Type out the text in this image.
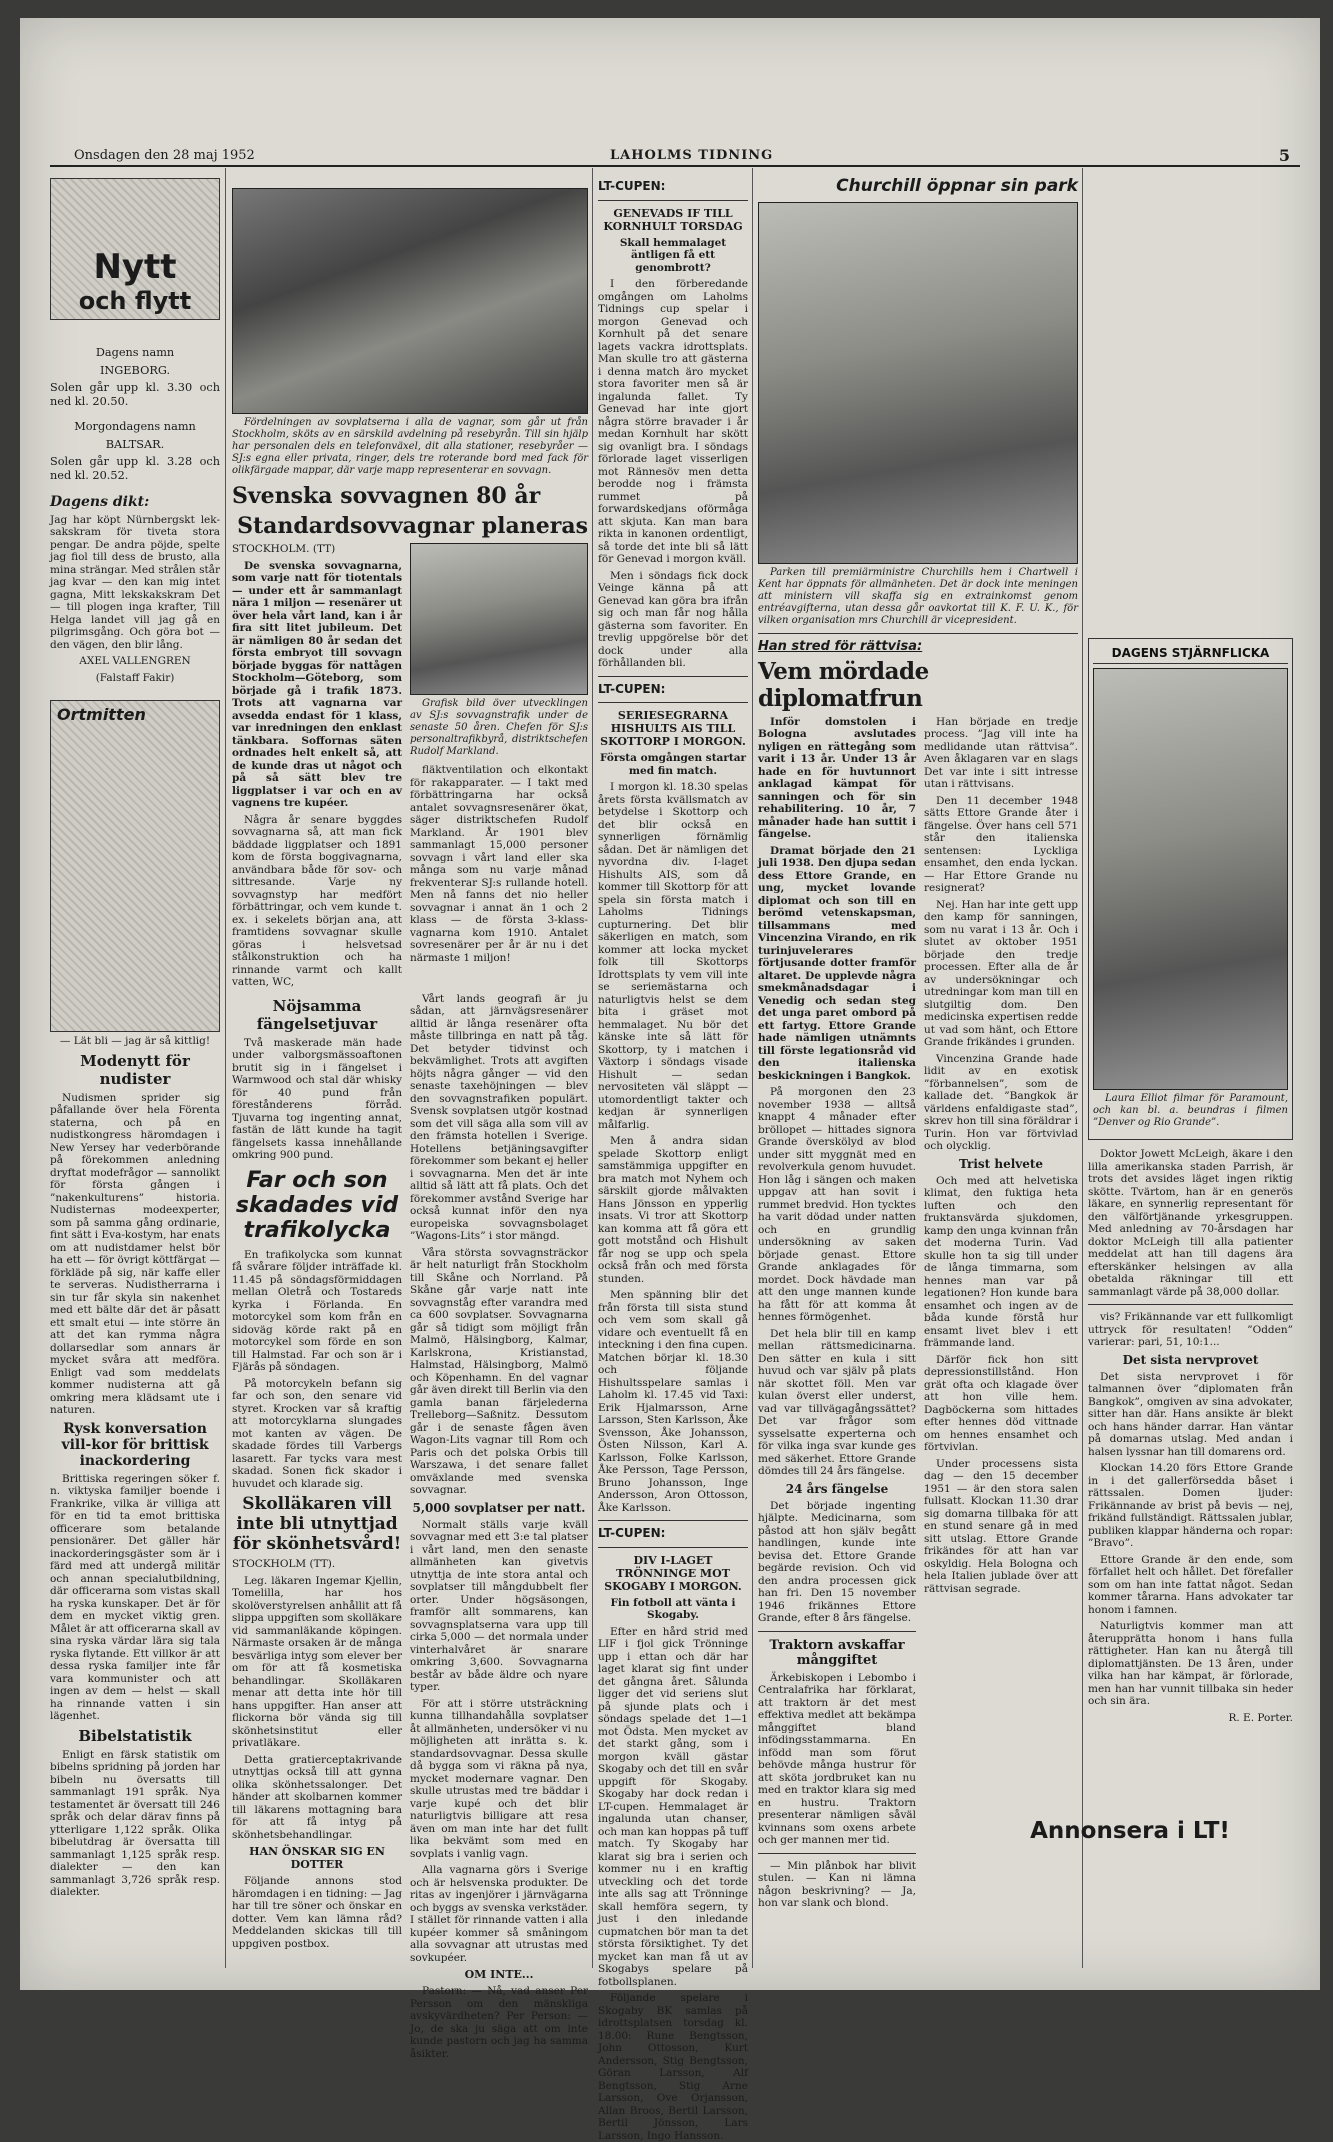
Onsdagen den 28 maj 1952	LAHOLMS TIDNING	5
Nytt
och flytt

Dagens namn

INGEBORG.

Solen går upp kl. 3.30 och ned kl. 20.50.

Morgondagens namn

BALTSAR.

Solen går upp kl. 3.28 och ned kl. 20.52.

Dagens dikt:

Jag har köpt Nürnbergskt lek-sakskram för tiveta stora pengar. De andra pöjde, spelte jag fiol till dess de brusto, alla mina strängar. Med strålen står jag kvar — den kan mig intet gagna, Mitt lekskakskram Det — till plogen inga krafter, Till Helga landet vill jag gå en pilgrimsgång. Och göra bot — den vägen, den blir lång.

AXEL VALLENGREN

(Falstaff Fakir)

Ortmitten

— Lät bli — jag är så kittlig!

Modenytt för nudister

Nudismen sprider sig påfallande över hela Förenta staterna, och på en nudistkongress häromdagen i New Yersey har vederbörande på förekommen anledning dryftat modefrågor — sannolikt för första gången i ”nakenkulturens” historia. Nudisternas modeexperter, som på samma gång ordinarie, fint sätt i Eva-kostym, har enats om att nudistdamer helst bör ha ett — för övrigt köttfärgat — förkläde på sig, när kaffe eller te serveras. Nudistherrarna i sin tur får skyla sin nakenhet med ett bälte där det är påsatt ett smalt etui — inte större än att det kan rymma några dollarsedlar som annars är mycket svåra att medföra. Enligt vad som meddelats kommer nudisterna att gå omkring mera klädsamt ute i naturen.

Rysk konversation vill-kor för brittisk inackordering

Brittiska regeringen söker f. n. viktyska familjer boende i Frankrike, vilka är villiga att för en tid ta emot brittiska officerare som betalande pensionärer. Det gäller här inackorderingsgäster som är i färd med att undergå militär och annan specialutbildning, där officerarna som vistas skall ha ryska kunskaper. Det är för dem en mycket viktig gren. Målet är att officerarna skall av sina ryska värdar lära sig tala ryska flytande. Ett villkor är att dessa ryska familjer inte får vara kommunister och att ingen av dem — helst — skall ha rinnande vatten i sin lägenhet.

Bibelstatistik

Enligt en färsk statistik om bibelns spridning på jorden har bibeln nu översatts till sammanlagt 191 språk. Nya testamentet är översatt till 246 språk och delar därav finns på ytterligare 1,122 språk. Olika bibelutdrag är översatta till sammanlagt 1,125 språk resp. dialekter — den kan sammanlagt 3,726 språk resp. dialekter.

Fördelningen av sovplatserna i alla de vagnar, som går ut från Stockholm, sköts av en särskild avdelning på resebyrån. Till sin hjälp har personalen dels en telefonväxel, dit alla stationer, resebyråer — SJ:s egna eller privata, ringer, dels tre roterande bord med fack för olikfärgade mappar, där varje mapp representerar en sovvagn.

Svenska sovvagnen 80 år
Standardsovvagnar planeras

STOCKHOLM. (TT)

De svenska sovvagnarna, som varje natt för tiotentals — under ett år sammanlagt nära 1 miljon — resenärer ut över hela vårt land, kan i år fira sitt litet jubileum. Det är nämligen 80 år sedan det första embryot till sovvagn började byggas för nattågen Stockholm—Göteborg, som började gå i trafik 1873. Trots att vagnarna var avsedda endast för 1 klass, var inredningen den enklast tänkbara. Soffornas säten ordnades helt enkelt så, att de kunde dras ut något och på så sätt blev tre liggplatser i var och en av vagnens tre kupéer.

Några år senare byggdes sovvagnarna så, att man fick bäddade liggplatser och 1891 kom de första boggivagnarna, användbara både för sov- och sittresande. Varje ny sovvagnstyp har medfört förbättringar, och vem kunde t. ex. i sekelets början ana, att framtidens sovvagnar skulle göras i helsvetsad stålkonstruktion och ha rinnande varmt och kallt vatten, WC,

Grafisk bild över utvecklingen av SJ:s sovvagnstrafik under de senaste 50 åren. Chefen för SJ:s personaltrafikbyrå, distriktschefen Rudolf Markland.

fläktventilation och elkontakt för rakapparater. — I takt med förbättringarna har också antalet sovvagnsresenärer ökat, säger distriktschefen Rudolf Markland. År 1901 blev sammanlagt 15,000 personer sovvagn i vårt land eller ska många som nu varje månad frekventerar SJ:s rullande hotell. Men nå fanns det nio heller sovvagnar i annat än 1 och 2 klass — de första 3-klass-vagnarna kom 1910. Antalet sovresenärer per år är nu i det närmaste 1 miljon!

Nöjsamma fängelsetjuvar

Två maskerade män hade under valborgsmässoaftonen brutit sig in i fängelset i Warmwood och stal där whisky för 40 pund från förestånderens förråd. Tjuvarna tog ingenting annat, fastän de lätt kunde ha tagit fängelsets kassa innehållande omkring 900 pund.

Far och son
skadades vid
trafikolycka

En trafikolycka som kunnat få svårare följder inträffade kl. 11.45 på söndagsförmiddagen mellan Oletrå och Tostareds kyrka i Förlanda. En motorcykel som kom från en sidoväg körde rakt på en motorcykel som förde en son till Halmstad. Far och son är i Fjärås på söndagen.

På motorcykeln befann sig far och son, den senare vid styret. Krocken var så kraftig att motorcyklarna slungades mot kanten av vägen. De skadade fördes till Varbergs lasarett. Far tycks vara mest skadad. Sonen fick skador i huvudet och klarade sig.

Skolläkaren vill inte bli utnyttjad för skönhetsvård!

STOCKHOLM (TT).

Leg. läkaren Ingemar Kjellin, Tomelilla, har hos skolöverstyrelsen anhållit att få slippa uppgiften som skolläkare vid sammanläkande köpingen. Närmaste orsaken är de många besvärliga intyg som elever ber om för att få kosmetiska behandlingar. Skolläkaren menar att detta inte hör till hans uppgifter. Han anser att flickorna bör vända sig till skönhetsinstitut eller privatläkare.

Detta gratierceptakrivande utnyttjas också till att gynna olika skönhetssalonger. Det händer att skolbarnen kommer till läkarens mottagning bara för att få intyg på skönhetsbehandlingar.

HAN ÖNSKAR SIG EN DOTTER

Följande annons stod häromdagen i en tidning: — Jag har till tre söner och önskar en dotter. Vem kan lämna råd? Meddelanden skickas till till uppgiven postbox.

Vårt lands geografi är ju sådan, att järnvägsresenärer alltid är långa resenärer ofta måste tillbringa en natt på tåg. Det betyder tidvinst och bekvämlighet. Trots att avgiften höjts några gånger — vid den senaste taxehöjningen — blev den sovvagnstrafiken populärt. Svensk sovplatsen utgör kostnad som det vill säga alla som vill av den främsta hotellen i Sverige. Hotellens betjäningsavgifter förekommer som bekant ej heller i sovvagnarna. Men det är inte alltid så lätt att få plats. Och det förekommer avstånd Sverige har också kunnat inför den nya europeiska sovvagnsbolaget ”Wagons-Lits” i stor mängd.

Våra största sovvagnsträckor är helt naturligt från Stockholm till Skåne och Norrland. På Skåne går varje natt inte sovvagnståg efter varandra med ca 600 sovplatser. Sovvagnarna går så tidigt som möjligt från Malmö, Hälsingborg, Kalmar, Karlskrona, Kristianstad, Halmstad, Hälsingborg, Malmö och Köpenhamn. En del vagnar går även direkt till Berlin via den gamla banan färjelederna Trelleborg—Saßnitz. Dessutom går i de senaste fågen även Wagon-Lits vagnar till Rom och Paris och det polska Orbis till Warszawa, i det senare fallet omväxlande med svenska sovvagnar.

5,000 sovplatser per natt.

Normalt ställs varje kväll sovvagnar med ett 3:e tal platser i vårt land, men den senaste allmänheten kan givetvis utnyttja de inte stora antal och sovplatser till mångdubbelt fler orter. Under högsäsongen, framför allt sommarens, kan sovvagnsplatserna vara upp till cirka 5,000 — det normala under vinterhalvåret är snarare omkring 3,600. Sovvagnarna består av både äldre och nyare typer.

För att i större utsträckning kunna tillhandahålla sovplatser åt allmänheten, undersöker vi nu möjligheten att inrätta s. k. standardsovvagnar. Dessa skulle då bygga som vi räkna på nya, mycket modernare vagnar. Den skulle utrustas med tre bäddar i varje kupé och det blir naturligtvis billigare att resa även om man inte har det fullt lika bekvämt som med en sovplats i vanlig vagn.

Alla vagnarna görs i Sverige och är helsvenska produkter. De ritas av ingenjörer i järnvägarna och byggs av svenska verkstäder. I stället för rinnande vatten i alla kupéer kommer så småningom alla sovvagnar att utrustas med sovkupéer.

OM INTE...

Pastorn: — Nå, vad anser Per Persson om den mänskliga avskyvärdheten? Per Person: — Jo, de ska ju säga att om inte kunde pastorn och jag ha samma åsikter.

LT-CUPEN:

GENEVADS IF TILL KORNHULT TORSDAG

Skall hemmalaget äntligen få ett genombrott?

I den förberedande omgången om Laholms Tidnings cup spelar i morgon Genevad och Kornhult på det senare lagets vackra idrottsplats. Man skulle tro att gästerna i denna match äro mycket stora favoriter men så är ingalunda fallet. Ty Genevad har inte gjort några större bravader i år medan Kornhult har skött sig ovanligt bra. I söndags förlorade laget visserligen mot Rännesöv men detta berodde nog i främsta rummet på forwardskedjans oförmåga att skjuta. Kan man bara rikta in kanonen ordentligt, så torde det inte bli så lätt för Genevad i morgon kväll.

Men i söndags fick dock Veinge känna på att Genevad kan göra bra ifrån sig och man får nog hålla gästerna som favoriter. En trevlig uppgörelse bör det dock under alla förhållanden bli.

LT-CUPEN:

SERIESEGRARNA HISHULTS AIS TILL SKOTTORP I MORGON.

Första omgången startar med fin match.

I morgon kl. 18.30 spelas årets första kvällsmatch av betydelse i Skottorp och det blir också en synnerligen förnämlig sådan. Det är nämligen det nyvordna div. I-laget Hishults AIS, som då kommer till Skottorp för att spela sin första match i Laholms Tidnings cupturnering. Det blir säkerligen en match, som kommer att locka mycket folk till Skottorps Idrottsplats ty vem vill inte se seriemästarna och naturligtvis helst se dem bita i gräset mot hemmalaget. Nu bör det känske inte så lätt för Skottorp, ty i matchen i Växtorp i söndags visade Hishult — sedan nervositeten väl släppt — utomordentligt takter och kedjan är synnerligen målfarlig.

Men å andra sidan spelade Skottorp enligt samstämmiga uppgifter en bra match mot Nyhem och särskilt gjorde målvakten Hans Jönsson en ypperlig insats. Vi tror att Skottorp kan komma att få göra ett gott motstånd och Hishult får nog se upp och spela också från och med första stunden.

Men spänning blir det från första till sista stund och vem som skall gå vidare och eventuellt få en inteckning i den fina cupen. Matchen börjar kl. 18.30 och följande Hishultsspelare samlas i Laholm kl. 17.45 vid Taxi: Erik Hjalmarsson, Arne Larsson, Sten Karlsson, Åke Svensson, Åke Johansson, Östen Nilsson, Karl A. Karlsson, Folke Karlsson, Åke Persson, Tage Persson, Bruno Johansson, Inge Andersson, Aron Ottosson, Åke Karlsson.

LT-CUPEN:

DIV I-LAGET TRÖNNINGE MOT SKOGABY I MORGON.

Fin fotboll att vänta i Skogaby.

Efter en hård strid med LIF i fjol gick Trönninge upp i ettan och där har laget klarat sig fint under det gångna året. Sålunda ligger det vid seriens slut på sjunde plats och i söndags spelade det 1—1 mot Ödsta. Men mycket av det starkt gång, som i morgon kväll gästar Skogaby och det till en svår uppgift för Skogaby. Skogaby har dock redan i LT-cupen. Hemmalaget är ingalunda utan chanser, och man kan hoppas på tuff match. Ty Skogaby har klarat sig bra i serien och kommer nu i en kraftig utveckling och det torde inte alls sag att Trönninge skall hemföra segern, ty just i den inledande cupmatchen bör man ta det största försiktighet. Ty det mycket kan man få ut av Skogabys spelare på fotbollsplanen.

Följande spelare i Skogaby BK samlas på idrottsplatsen torsdag kl. 18.00: Rune Bengtsson, John Ottosson, Kurt Andersson, Stig Bengtsson, Göran Larsson, Alf Bengtsson, Stig Arne Larsson, Ove Orjansson, Allan Broos, Bertil Larsson, Bertil Jönsson, Lars Larsson, Ingo Hansson.

Churchill öppnar sin park

Parken till premiärministre Churchills hem i Chartwell i Kent har öppnats för allmänheten. Det är dock inte meningen att ministern vill skaffa sig en extrainkomst genom entréavgifterna, utan dessa går oavkortat till K. F. U. K., för vilken organisation mrs Churchill är vicepresident.

Han stred för rättvisa:

Vem mördade diplomatfrun

Inför domstolen i Bologna avslutades nyligen en rättegång som varit i 13 år. Under 13 år hade en för huvtunnort anklagad kämpat för sanningen och för sin rehabilitering. 10 år, 7 månader hade han suttit i fängelse.

Dramat började den 21 juli 1938. Den djupa sedan dess Ettore Grande, en ung, mycket lovande diplomat och son till en berömd vetenskapsman, tillsammans med Vincenzina Virando, en rik turinjuvelerares förtjusande dotter framför altaret. De upplevde några smekmånadsdagar i Venedig och sedan steg det unga paret ombord på ett fartyg. Ettore Grande hade nämligen utnämnts till förste legationsråd vid den italienska beskickningen i Bangkok.

På morgonen den 23 november 1938 — alltså knappt 4 månader efter bröllopet — hittades signora Grande överskölyd av blod under sitt myggnät med en revolverkula genom huvudet. Hon låg i sängen och maken uppgav att han sovit i rummet bredvid. Hon tycktes ha varit dödad under natten och en grundlig undersökning av saken började genast. Ettore Grande anklagades för mordet. Dock hävdade man att den unge mannen kunde ha fått för att komma åt hennes förmögenhet.

Det hela blir till en kamp mellan rättsmedicinarna. Den sätter en kula i sitt huvud och var själv på plats när skottet föll. Men var kulan överst eller underst, vad var tillvägagångssättet? Det var frågor som sysselsatte experterna och för vilka inga svar kunde ges med säkerhet. Ettore Grande dömdes till 24 års fängelse.

24 års fängelse

Det började ingenting hjälpte. Medicinarna, som påstod att hon själv begått handlingen, kunde inte bevisa det. Ettore Grande begärde revision. Och vid den andra processen gick han fri. Den 15 november 1946 frikännes Ettore Grande, efter 8 års fängelse.

Traktorn avskaffar månggiftet

Ärkebiskopen i Lebombo i Centralafrika har förklarat, att traktorn är det mest effektiva medlet att bekämpa månggiftet bland infödingsstammarna. En infödd man som förut behövde många hustrur för att sköta jordbruket kan nu med en traktor klara sig med en hustru. Traktorn presenterar nämligen såväl kvinnans som oxens arbete och ger mannen mer tid.

— Min plånbok har blivit stulen. — Kan ni lämna någon beskrivning? — Ja, hon var slank och blond.

Han började en tredje process. ”Jag vill inte ha medlidande utan rättvisa”. Aven åklagaren var en slags Det var inte i sitt intresse utan i rättvisans.

Den 11 december 1948 sätts Ettore Grande åter i fängelse. Över hans cell 571 står den italienska sentensen: Lyckliga ensamhet, den enda lyckan. — Har Ettore Grande nu resignerat?

Nej. Han har inte gett upp den kamp för sanningen, som nu varat i 13 år. Och i slutet av oktober 1951 började den tredje processen. Efter alla de år av undersökningar och utredningar kom man till en slutgiltig dom. Den medicinska expertisen redde ut vad som hänt, och Ettore Grande frikändes i grunden.

Vincenzina Grande hade lidit av en exotisk ”förbannelsen”, som de kallade det. ”Bangkok är världens enfaldigaste stad”, skrev hon till sina föräldrar i Turin. Hon var förtvivlad och olycklig.

Trist helvete

Och med att helvetiska klimat, den fuktiga heta luften och den fruktansvärda sjukdomen, kamp den unga kvinnan från det moderna Turin. Vad skulle hon ta sig till under de långa timmarna, som hennes man var på legationen? Hon kunde bara ensamhet och ingen av de båda kunde förstå hur ensamt livet blev i ett främmande land.

Därför fick hon sitt depressionstillstånd. Hon grät ofta och klagade över att hon ville hem. Dagböckerna som hittades efter hennes död vittnade om hennes ensamhet och förtvivlan.

Under processens sista dag — den 15 december 1951 — är den stora salen fullsatt. Klockan 11.30 drar sig domarna tillbaka för att en stund senare gå in med sitt utslag. Ettore Grande frikändes för att han var oskyldig. Hela Bologna och hela Italien jublade över att rättvisan segrade.

DAGENS STJÄRNFLICKA

Laura Elliot filmar för Paramount, och kan bl. a. beundras i filmen ”Denver og Rio Grande”.

Doktor Jowett McLeigh, äkare i den lilla amerikanska staden Parrish, är trots det avsides läget ingen riktig skötte. Tvärtom, han är en generös läkare, en synnerlig representant för den välförtjänande yrkesgruppen. Med anledning av 70-årsdagen har doktor McLeigh till alla patienter meddelat att han till dagens ära efterskänker helsingen av alla obetalda räkningar till ett sammanlagt värde på 38,000 dollar.

vis? Frikännande var ett fullkomligt uttryck för resultaten! ”Odden” varierar: pari, 51, 10:1...

Det sista nervprovet

Det sista nervprovet i för talmannen över ”diplomaten från Bangkok”, omgiven av sina advokater, sitter han där. Hans ansikte är blekt och hans händer darrar. Han väntar på domarnas utslag. Med andan i halsen lyssnar han till domarens ord.

Klockan 14.20 förs Ettore Grande in i det gallerförsedda båset i rättssalen. Domen ljuder: Frikännande av brist på bevis — nej, frikänd fullständigt. Rättssalen jublar, publiken klappar händerna och ropar: ”Bravo”.

Ettore Grande är den ende, som förfallet helt och hållet. Det förefaller som om han inte fattat något. Sedan kommer tårarna. Hans advokater tar honom i famnen.

Naturligtvis kommer man att återupprätta honom i hans fulla rättigheter. Han kan nu återgå till diplomattjänsten. De 13 åren, under vilka han har kämpat, är förlorade, men han har vunnit tillbaka sin heder och sin ära.

R. E. Porter.

Annonsera i LT!
